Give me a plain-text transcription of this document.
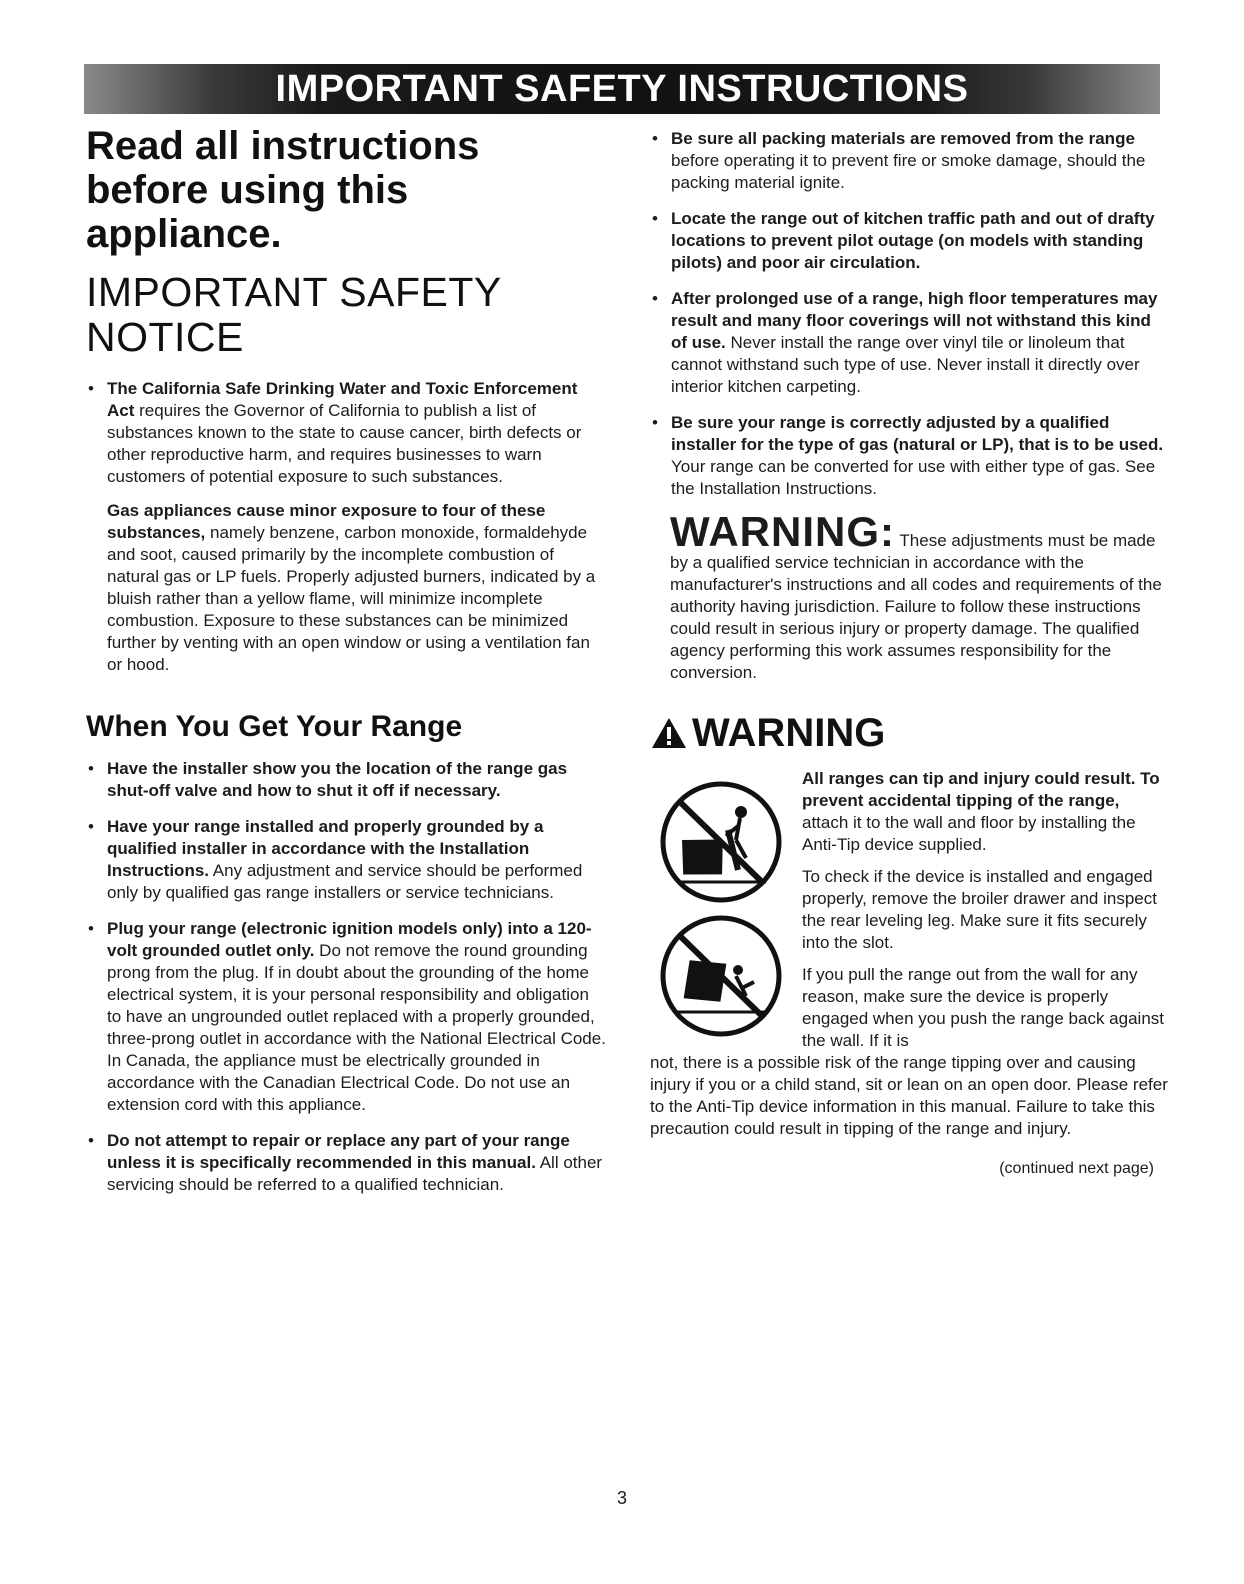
IMPORTANT SAFETY INSTRUCTIONS
Read all instructions before using this appliance.
IMPORTANT SAFETY NOTICE
• The California Safe Drinking Water and Toxic Enforcement Act requires the Governor of California to publish a list of substances known to the state to cause cancer, birth defects or other reproductive harm, and requires businesses to warn customers of potential exposure to such substances.

Gas appliances cause minor exposure to four of these substances, namely benzene, carbon monoxide, formaldehyde and soot, caused primarily by the incomplete combustion of natural gas or LP fuels. Properly adjusted burners, indicated by a bluish rather than a yellow flame, will minimize incomplete combustion. Exposure to these substances can be minimized further by venting with an open window or using a ventilation fan or hood.

When You Get Your Range
• Have the installer show you the location of the range gas shut-off valve and how to shut it off if necessary.
• Have your range installed and properly grounded by a qualified installer in accordance with the Installation Instructions. Any adjustment and service should be performed only by qualified gas range installers or service technicians.
• Plug your range (electronic ignition models only) into a 120-volt grounded outlet only. Do not remove the round grounding prong from the plug. If in doubt about the grounding of the home electrical system, it is your personal responsibility and obligation to have an ungrounded outlet replaced with a properly grounded, three-prong outlet in accordance with the National Electrical Code. In Canada, the appliance must be electrically grounded in accordance with the Canadian Electrical Code. Do not use an extension cord with this appliance.
• Do not attempt to repair or replace any part of your range unless it is specifically recommended in this manual. All other servicing should be referred to a qualified technician.
• Be sure all packing materials are removed from the range before operating it to prevent fire or smoke damage, should the packing material ignite.
• Locate the range out of kitchen traffic path and out of drafty locations to prevent pilot outage (on models with standing pilots) and poor air circulation.
• After prolonged use of a range, high floor temperatures may result and many floor coverings will not withstand this kind of use. Never install the range over vinyl tile or linoleum that cannot withstand such type of use. Never install it directly over interior kitchen carpeting.
• Be sure your range is correctly adjusted by a qualified installer for the type of gas (natural or LP), that is to be used. Your range can be converted for use with either type of gas. See the Installation Instructions.

WARNING: These adjustments must be made by a qualified service technician in accordance with the manufacturer's instructions and all codes and requirements of the authority having jurisdiction. Failure to follow these instructions could result in serious injury or property damage. The qualified agency performing this work assumes responsibility for the conversion.

WARNING

All ranges can tip and injury could result. To prevent accidental tipping of the range, attach it to the wall and floor by installing the Anti-Tip device supplied.

To check if the device is installed and engaged properly, remove the broiler drawer and inspect the rear leveling leg. Make sure it fits securely into the slot.

If you pull the range out from the wall for any reason, make sure the device is properly engaged when you push the range back against the wall. If it is

not, there is a possible risk of the range tipping over and causing injury if you or a child stand, sit or lean on an open door. Please refer to the Anti-Tip device information in this manual. Failure to take this precaution could result in tipping of the range and injury.

(continued next page)

3
